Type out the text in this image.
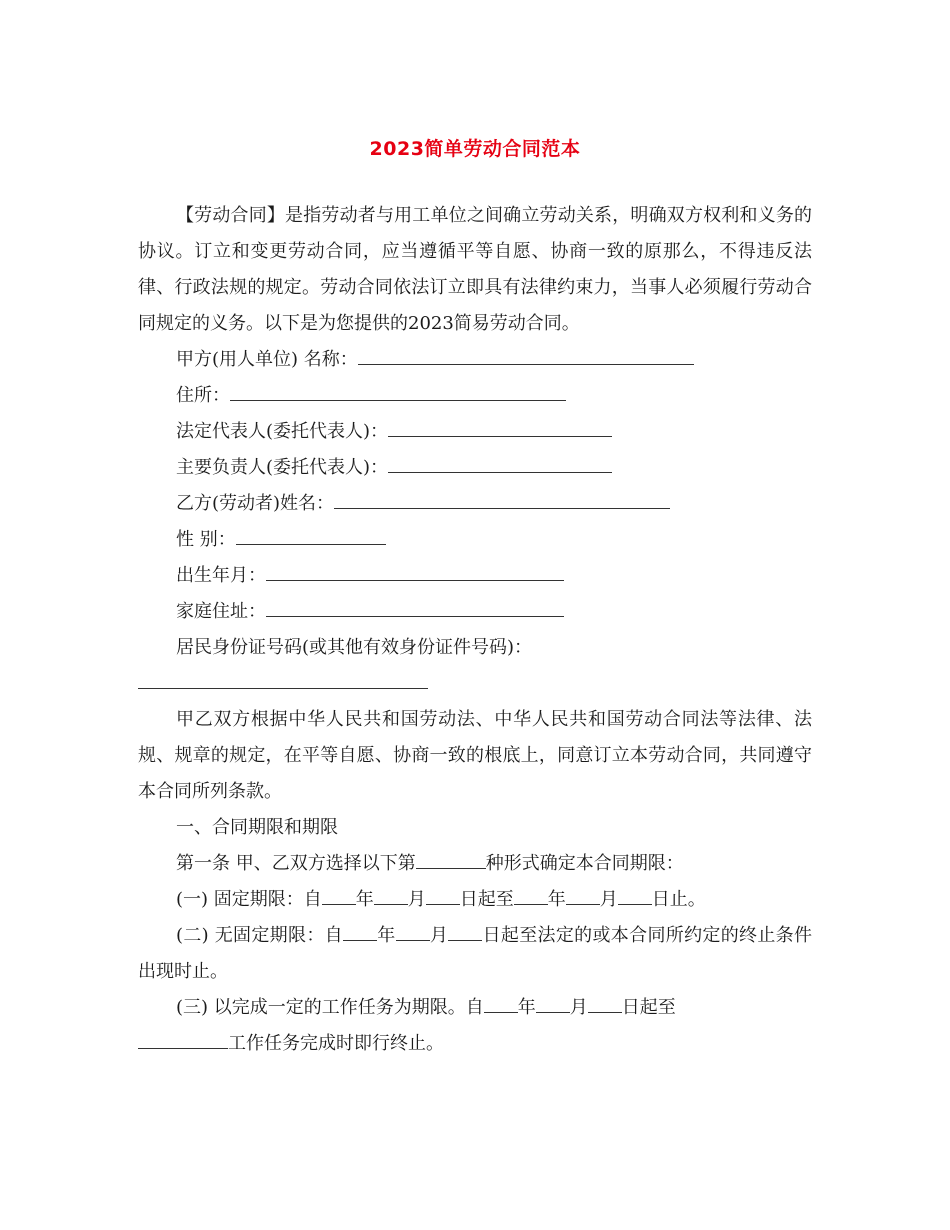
2023简单劳动合同范本

【劳动合同】是指劳动者与用工单位之间确立劳动关系，明确双方权利和义务的协议。订立和变更劳动合同，应当遵循平等自愿、协商一致的原那么，不得违反法律、行政法规的规定。劳动合同依法订立即具有法律约束力，当事人必须履行劳动合同规定的义务。以下是为您提供的2023简易劳动合同。

甲方(用人单位) 名称：

住所：

法定代表人(委托代表人)：

主要负责人(委托代表人)：

乙方(劳动者)姓名：

性 别：

出生年月：

家庭住址：

居民身份证号码(或其他有效身份证件号码)：

甲乙双方根据中华人民共和国劳动法、中华人民共和国劳动合同法等法律、法规、规章的规定，在平等自愿、协商一致的根底上，同意订立本劳动合同，共同遵守本合同所列条款。

一、合同期限和期限

第一条 甲、乙双方选择以下第	种形式确定本合同期限：

(一) 固定期限：自 年 月 日起至 年 月 日止。

(二) 无固定期限：自 年 月 日起至法定的或本合同所约定的终止条件出现时止。

(三) 以完成一定的工作任务为期限。自 年 月 日起至

工作任务完成时即行终止。
